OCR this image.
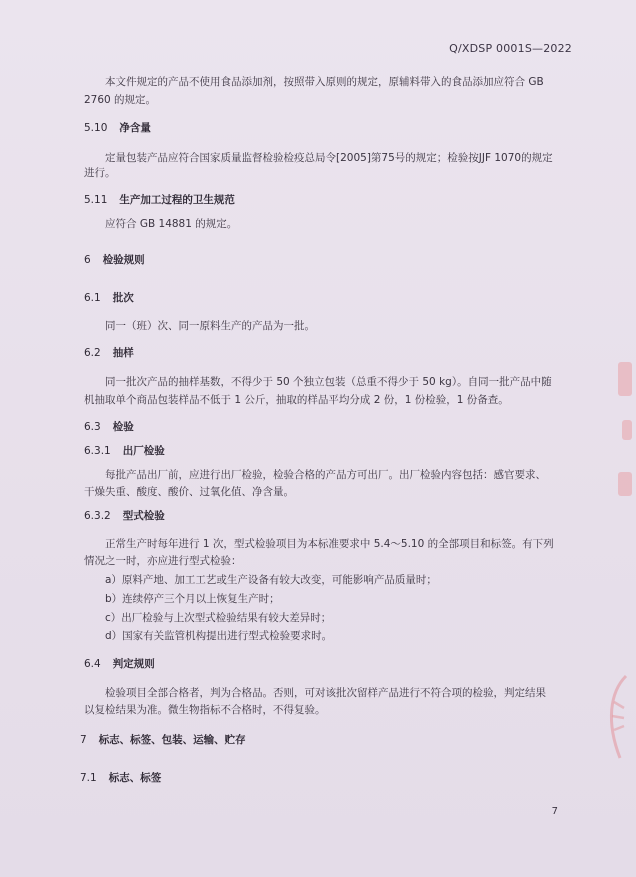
Q/XDSP 0001S—2022
本文件规定的产品不使用食品添加剂，按照带入原则的规定，原辅料带入的食品添加应符合 GB
2760 的规定。
5.10 净含量
定量包装产品应符合国家质量监督检验检疫总局令[2005]第75号的规定；检验按JJF 1070的规定
进行。
5.11 生产加工过程的卫生规范
应符合 GB 14881 的规定。
6 检验规则
6.1 批次
同一（班）次、同一原料生产的产品为一批。
6.2 抽样
同一批次产品的抽样基数，不得少于 50 个独立包装（总重不得少于 50 kg）。自同一批产品中随
机抽取单个商品包装样品不低于 1 公斤，抽取的样品平均分成 2 份，1 份检验，1 份备查。
6.3 检验
6.3.1 出厂检验
每批产品出厂前，应进行出厂检验，检验合格的产品方可出厂。出厂检验内容包括：感官要求、
干燥失重、酸度、酸价、过氧化值、净含量。
6.3.2 型式检验
正常生产时每年进行 1 次，型式检验项目为本标准要求中 5.4～5.10 的全部项目和标签。有下列
情况之一时，亦应进行型式检验：
a）原料产地、加工工艺或生产设备有较大改变，可能影响产品质量时；
b）连续停产三个月以上恢复生产时；
c）出厂检验与上次型式检验结果有较大差异时；
d）国家有关监管机构提出进行型式检验要求时。
6.4 判定规则
检验项目全部合格者，判为合格品。否则，可对该批次留样产品进行不符合项的检验，判定结果
以复检结果为准。微生物指标不合格时，不得复验。
7 标志、标签、包装、运输、贮存
7.1 标志、标签
7
